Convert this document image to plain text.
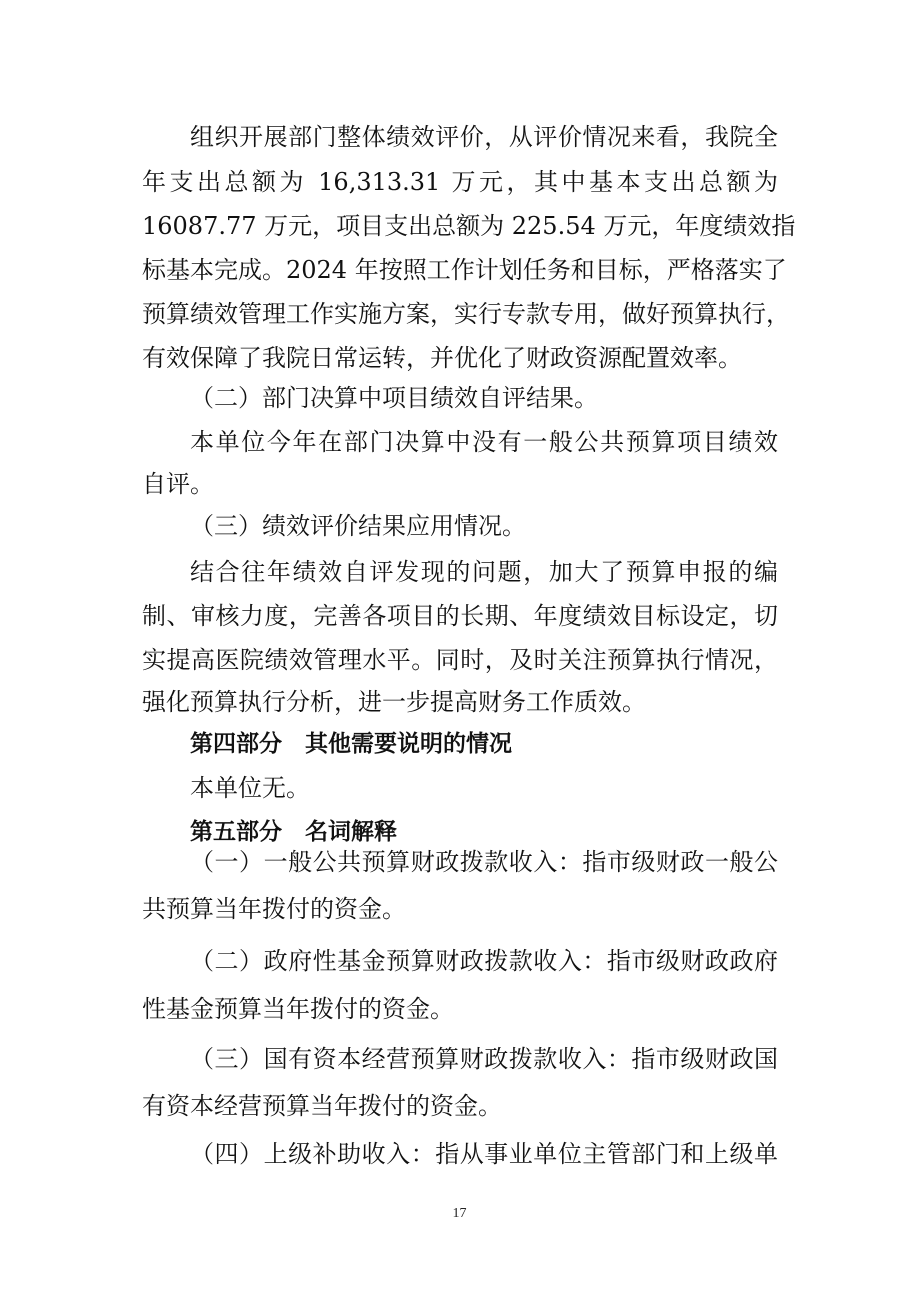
组织开展部门整体绩效评价，从评价情况来看，我院全
年支出总额为 16,313.31 万元，其中基本支出总额为
16087.77 万元，项目支出总额为 225.54 万元，年度绩效指
标基本完成。2024 年按照工作计划任务和目标，严格落实了
预算绩效管理工作实施方案，实行专款专用，做好预算执行，
有效保障了我院日常运转，并优化了财政资源配置效率。
（二）部门决算中项目绩效自评结果。
本单位今年在部门决算中没有一般公共预算项目绩效
自评。
（三）绩效评价结果应用情况。
结合往年绩效自评发现的问题，加大了预算申报的编
制、审核力度，完善各项目的长期、年度绩效目标设定，切
实提高医院绩效管理水平。同时，及时关注预算执行情况，
强化预算执行分析，进一步提高财务工作质效。
第四部分　其他需要说明的情况
本单位无。
第五部分　名词解释
（一）一般公共预算财政拨款收入：指市级财政一般公
共预算当年拨付的资金。
（二）政府性基金预算财政拨款收入：指市级财政政府
性基金预算当年拨付的资金。
（三）国有资本经营预算财政拨款收入：指市级财政国
有资本经营预算当年拨付的资金。
（四）上级补助收入：指从事业单位主管部门和上级单
17
